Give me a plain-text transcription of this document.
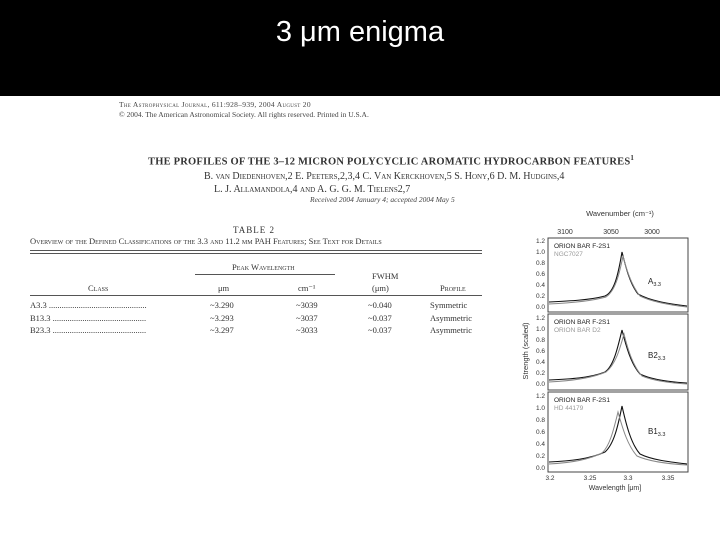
3 μm enigma
The Astrophysical Journal, 611:928–939, 2004 August 20
© 2004. The American Astronomical Society. All rights reserved. Printed in U.S.A.
THE PROFILES OF THE 3–12 MICRON POLYCYCLIC AROMATIC HYDROCARBON FEATURES$^1$
B. van Diedenhoven,2 E. Peeters,2,3,4 C. Van Kerckhoven,5 S. Hony,6 D. M. Hudgins,4
L. J. Allamandola,4 and A. G. G. M. Tielens2,7
Received 2004 January 4; accepted 2004 May 5
TABLE 2
Overview of the Defined Classifications of the 3.3 and 11.2 μm PAH Features; See Text for Details
Peak Wavelength
FWHM
Class	μm	cm⁻¹	(μm)	Profile
A3.3 ..............................................	~3.290	~3039	~0.040	Symmetric
B13.3 ............................................	~3.293	~3037	~0.037	Asymmetric
B23.3 ............................................	~3.297	~3033	~0.037	Asymmetric
Wavenumber (cm⁻¹)
3100	3050	3000
Strength (scaled)
1.2
1.0
0.8
0.6
0.4
0.2
0.0
ORION BAR F-2S1
NGC7027
$A_{3.3}$
1.2
1.0
0.8
0.6
0.4
0.2
0.0
ORION BAR F-2S1
ORION BAR D2
$B2_{3.3}$
1.2
1.0
0.8
0.6
0.4
0.2
0.0
ORION BAR F-2S1
HD 44179
$B1_{3.3}$
3.2	3.25	3.3	3.35
Wavelength [μm]
